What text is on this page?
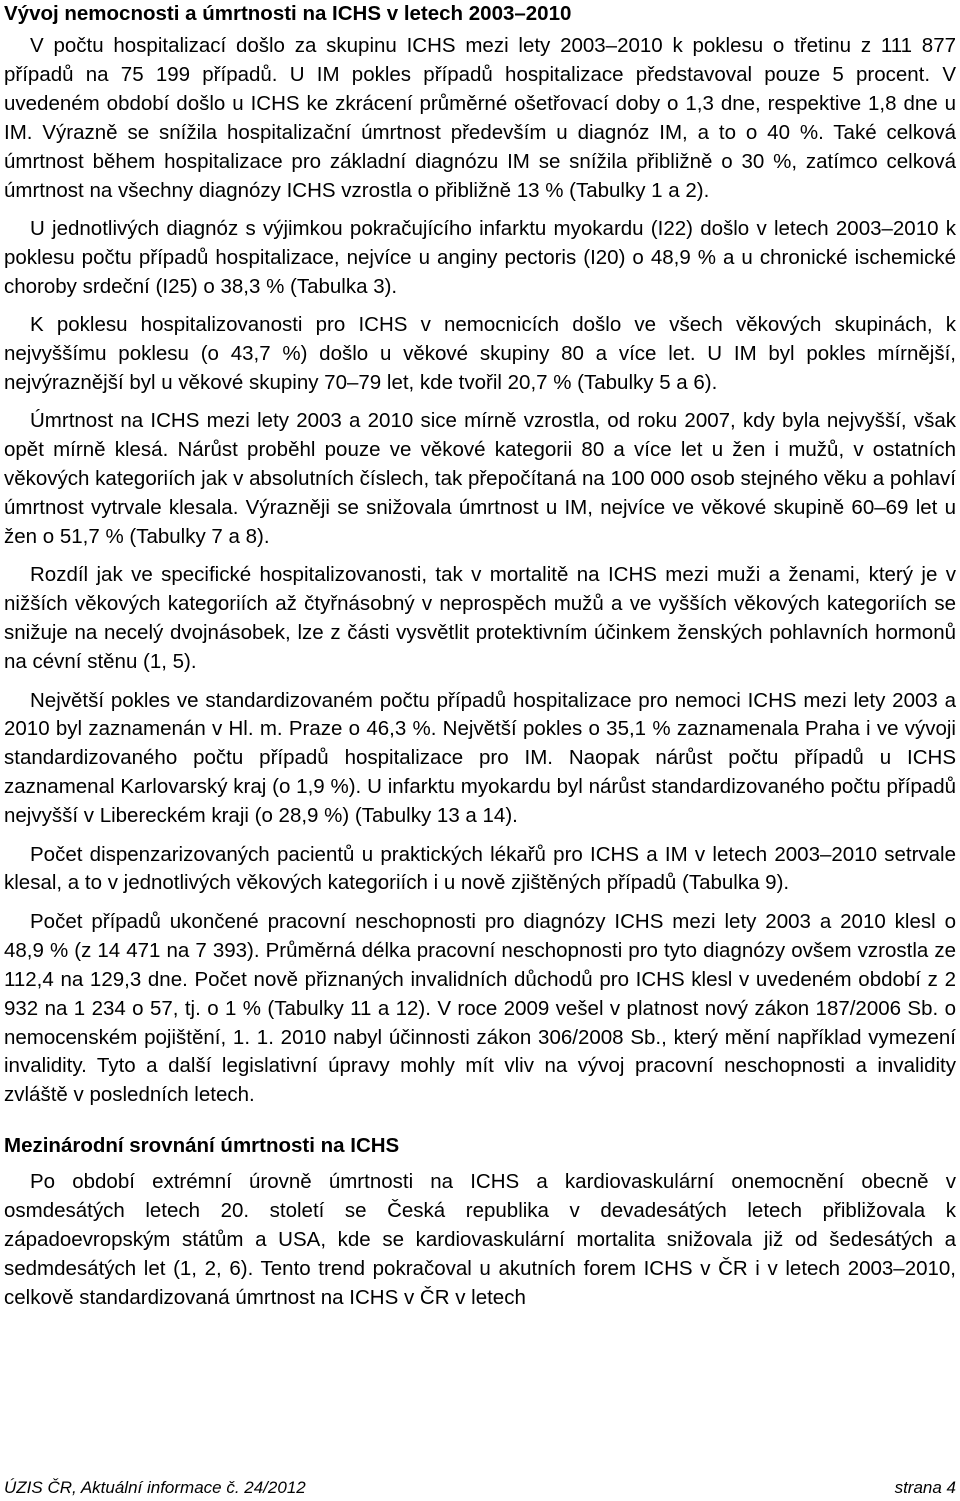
Vývoj nemocnosti a úmrtnosti na ICHS v letech 2003–2010

V počtu hospitalizací došlo za skupinu ICHS mezi lety 2003–2010 k poklesu o třetinu z 111 877 případů na 75 199 případů. U IM pokles případů hospitalizace představoval pouze 5 procent. V uvedeném období došlo u ICHS ke zkrácení průměrné ošetřovací doby o 1,3 dne, respektive 1,8 dne u IM. Výrazně se snížila hospitalizační úmrtnost především u diagnóz IM, a to o 40 %. Také celková úmrtnost během hospitalizace pro základní diagnózu IM se snížila přibližně o 30 %, zatímco celková úmrtnost na všechny diagnózy ICHS vzrostla o přibližně 13 % (Tabulky 1 a 2).

U jednotlivých diagnóz s výjimkou pokračujícího infarktu myokardu (I22) došlo v letech 2003–2010 k poklesu počtu případů hospitalizace, nejvíce u anginy pectoris (I20) o 48,9 % a u chronické ischemické choroby srdeční (I25) o 38,3 % (Tabulka 3).

K poklesu hospitalizovanosti pro ICHS v nemocnicích došlo ve všech věkových skupinách, k nejvyššímu poklesu (o 43,7 %) došlo u věkové skupiny 80 a více let. U IM byl pokles mírnější, nejvýraznější byl u věkové skupiny 70–79 let, kde tvořil 20,7 % (Tabulky 5 a 6).

Úmrtnost na ICHS mezi lety 2003 a 2010 sice mírně vzrostla, od roku 2007, kdy byla nejvyšší, však opět mírně klesá. Nárůst proběhl pouze ve věkové kategorii 80 a více let u žen i mužů, v ostatních věkových kategoriích jak v absolutních číslech, tak přepočítaná na 100 000 osob stejného věku a pohlaví úmrtnost vytrvale klesala. Výrazněji se snižovala úmrtnost u IM, nejvíce ve věkové skupině 60–69 let u žen o 51,7 % (Tabulky 7 a 8).

Rozdíl jak ve specifické hospitalizovanosti, tak v mortalitě na ICHS mezi muži a ženami, který je v nižších věkových kategoriích až čtyřnásobný v neprospěch mužů a ve vyšších věkových kategoriích se snižuje na necelý dvojnásobek, lze z části vysvětlit protektivním účinkem ženských pohlavních hormonů na cévní stěnu (1, 5).

Největší pokles ve standardizovaném počtu případů hospitalizace pro nemoci ICHS mezi lety 2003 a 2010 byl zaznamenán v Hl. m. Praze o 46,3 %. Největší pokles o 35,1 % zaznamenala Praha i ve vývoji standardizovaného počtu případů hospitalizace pro IM. Naopak nárůst počtu případů u ICHS zaznamenal Karlovarský kraj (o 1,9 %). U infarktu myokardu byl nárůst standardizovaného počtu případů nejvyšší v Libereckém kraji (o 28,9 %) (Tabulky 13 a 14).

Počet dispenzarizovaných pacientů u praktických lékařů pro ICHS a IM v letech 2003–2010 setrvale klesal, a to v jednotlivých věkových kategoriích i u nově zjištěných případů (Tabulka 9).

Počet případů ukončené pracovní neschopnosti pro diagnózy ICHS mezi lety 2003 a 2010 klesl o 48,9 % (z 14 471 na 7 393). Průměrná délka pracovní neschopnosti pro tyto diagnózy ovšem vzrostla ze 112,4 na 129,3 dne. Počet nově přiznaných invalidních důchodů pro ICHS klesl v uvedeném období z 2 932 na 1 234 o 57, tj. o 1 % (Tabulky 11 a 12). V roce 2009 vešel v platnost nový zákon 187/2006 Sb. o nemocenském pojištění, 1. 1. 2010 nabyl účinnosti zákon 306/2008 Sb., který mění například vymezení invalidity. Tyto a další legislativní úpravy mohly mít vliv na vývoj pracovní neschopnosti a invalidity zvláště v posledních letech.

Mezinárodní srovnání úmrtnosti na ICHS

Po období extrémní úrovně úmrtnosti na ICHS a kardiovaskulární onemocnění obecně v osmdesátých letech 20. století se Česká republika v devadesátých letech přibližovala k západoevropským státům a USA, kde se kardiovaskulární mortalita snižovala již od šedesátých a sedmdesátých let (1, 2, 6). Tento trend pokračoval u akutních forem ICHS v ČR i v letech 2003–2010, celkově standardizovaná úmrtnost na ICHS v ČR v letech

ÚZIS ČR, Aktuální informace č. 24/2012	strana 4
